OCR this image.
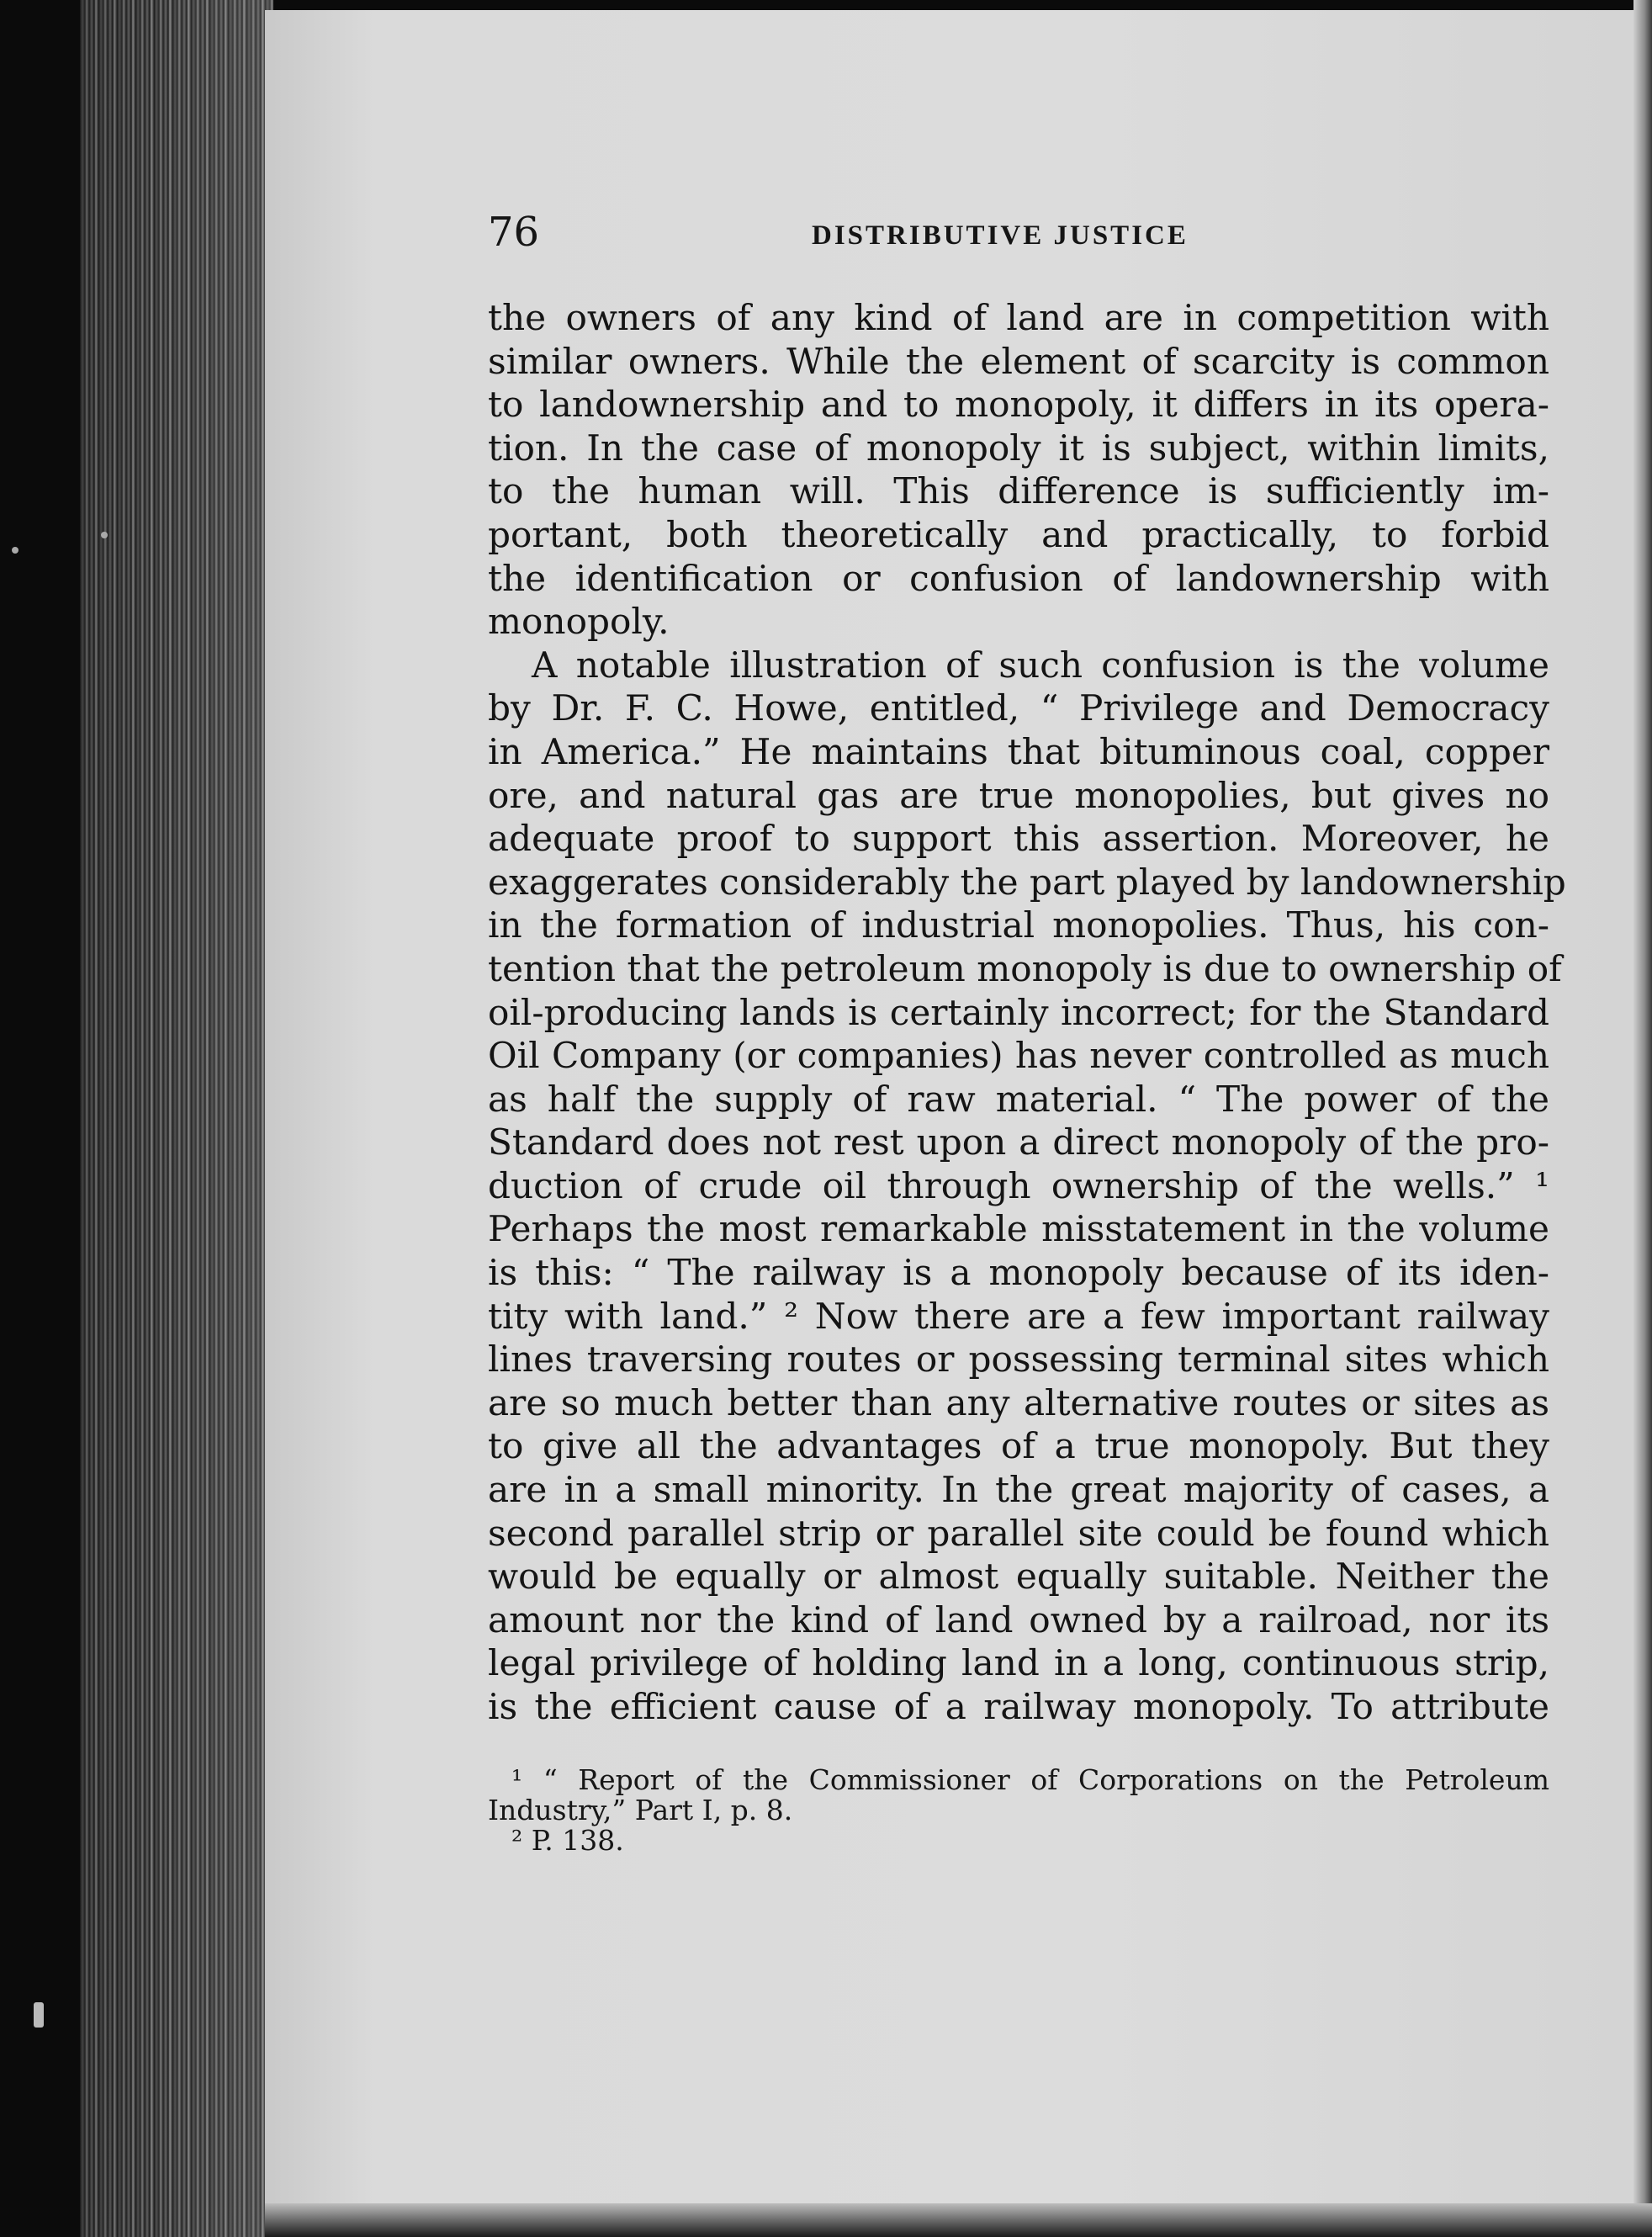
76	DISTRIBUTIVE JUSTICE
the owners of any kind of land are in competition with
similar owners. While the element of scarcity is common
to landownership and to monopoly, it differs in its opera-
tion. In the case of monopoly it is subject, within limits,
to the human will. This difference is sufficiently im-
portant, both theoretically and practically, to forbid
the identification or confusion of landownership with
monopoly.
A notable illustration of such confusion is the volume
by Dr. F. C. Howe, entitled, “ Privilege and Democracy
in America.” He maintains that bituminous coal, copper
ore, and natural gas are true monopolies, but gives no
adequate proof to support this assertion. Moreover, he
exaggerates considerably the part played by landownership
in the formation of industrial monopolies. Thus, his con-
tention that the petroleum monopoly is due to ownership of
oil-producing lands is certainly incorrect; for the Standard
Oil Company (or companies) has never controlled as much
as half the supply of raw material. “ The power of the
Standard does not rest upon a direct monopoly of the pro-
duction of crude oil through ownership of the wells.” ¹
Perhaps the most remarkable misstatement in the volume
is this: “ The railway is a monopoly because of its iden-
tity with land.” ² Now there are a few important railway
lines traversing routes or possessing terminal sites which
are so much better than any alternative routes or sites as
to give all the advantages of a true monopoly. But they
are in a small minority. In the great majority of cases, a
second parallel strip or parallel site could be found which
would be equally or almost equally suitable. Neither the
amount nor the kind of land owned by a railroad, nor its
legal privilege of holding land in a long, continuous strip,
is the efficient cause of a railway monopoly. To attribute
¹ “ Report of the Commissioner of Corporations on the Petroleum
Industry,” Part I, p. 8.
² P. 138.
